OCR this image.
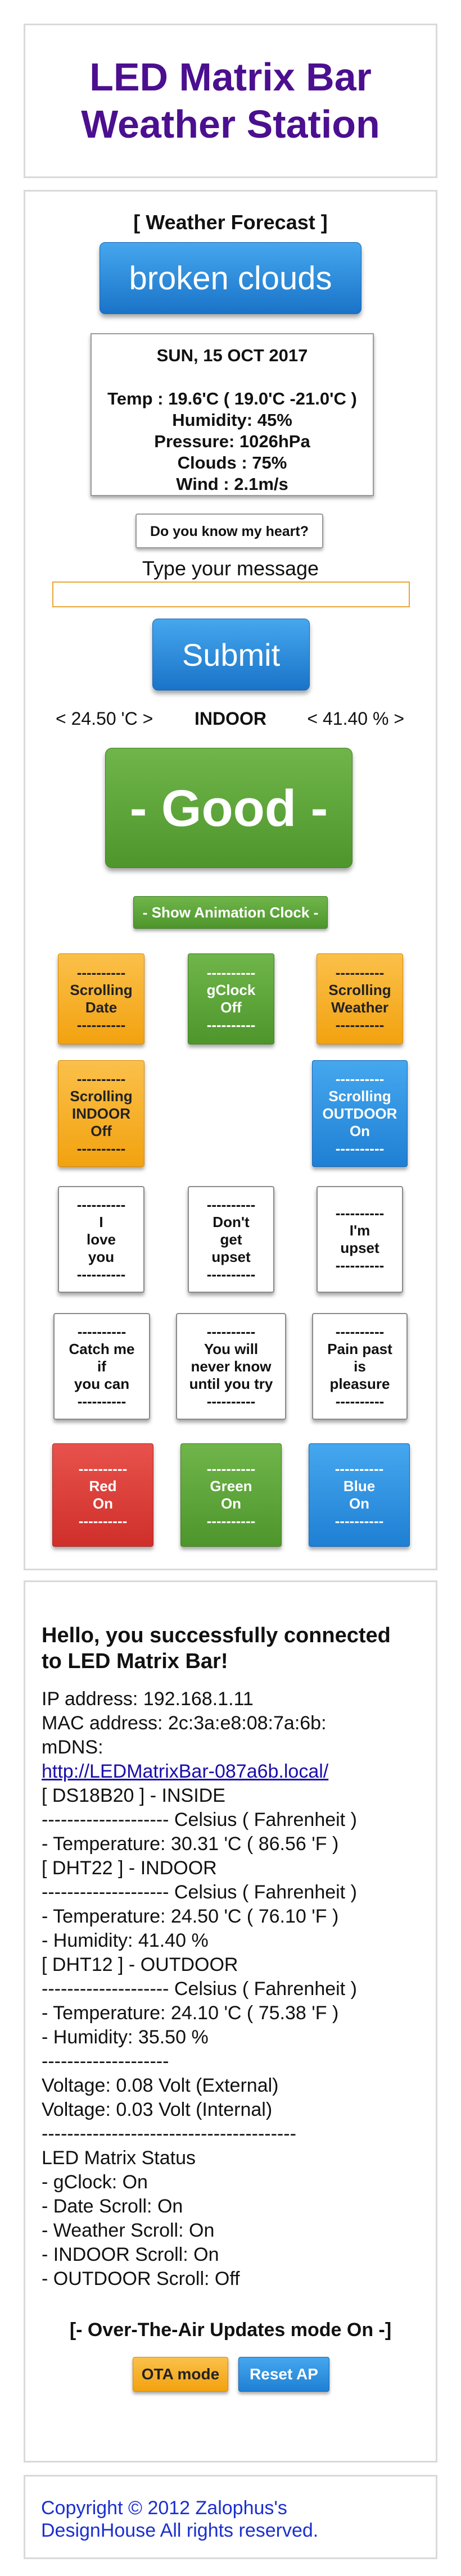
LED Matrix Bar
Weather Station
[ Weather Forecast ]
broken clouds
SUN, 15 OCT 2017
Temp : 19.6'C ( 19.0'C -21.0'C )
Humidity: 45%
Pressure: 1026hPa
Clouds : 75%
Wind : 2.1m/s
Do you know my heart?
Type your message
Submit
< 24.50 'C >	INDOOR	< 41.40 % >
- Good -
- Show Animation Clock -
----------
Scrolling
Date
----------
----------
gClock
Off
----------
----------
Scrolling
Weather
----------
----------
Scrolling
INDOOR
Off
----------
----------
Scrolling
OUTDOOR
On
----------
----------
I
love
you
----------
----------
Don't
get
upset
----------
----------
I'm
upset
----------
----------
Catch me
if
you can
----------
----------
You will
never know
until you try
----------
----------
Pain past
is
pleasure
----------
----------
Red
On
----------
----------
Green
On
----------
----------
Blue
On
----------
Hello, you successfully connected
to LED Matrix Bar!
IP address: 192.168.1.11
MAC address: 2c:3a:e8:08:7a:6b:
mDNS:
http://LEDMatrixBar-087a6b.local/
[ DS18B20 ] - INSIDE
-------------------- Celsius ( Fahrenheit )
- Temperature: 30.31 'C ( 86.56 'F )
[ DHT22 ] - INDOOR
-------------------- Celsius ( Fahrenheit )
- Temperature: 24.50 'C ( 76.10 'F )
- Humidity: 41.40 %
[ DHT12 ] - OUTDOOR
-------------------- Celsius ( Fahrenheit )
- Temperature: 24.10 'C ( 75.38 'F )
- Humidity: 35.50 %
--------------------
Voltage: 0.08 Volt (External)
Voltage: 0.03 Volt (Internal)
----------------------------------------
LED Matrix Status
- gClock: On
- Date Scroll: On
- Weather Scroll: On
- INDOOR Scroll: On
- OUTDOOR Scroll: Off
[- Over-The-Air Updates mode On -]
OTA mode	Reset AP
Copyright © 2012 Zalophus's
DesignHouse All rights reserved.
